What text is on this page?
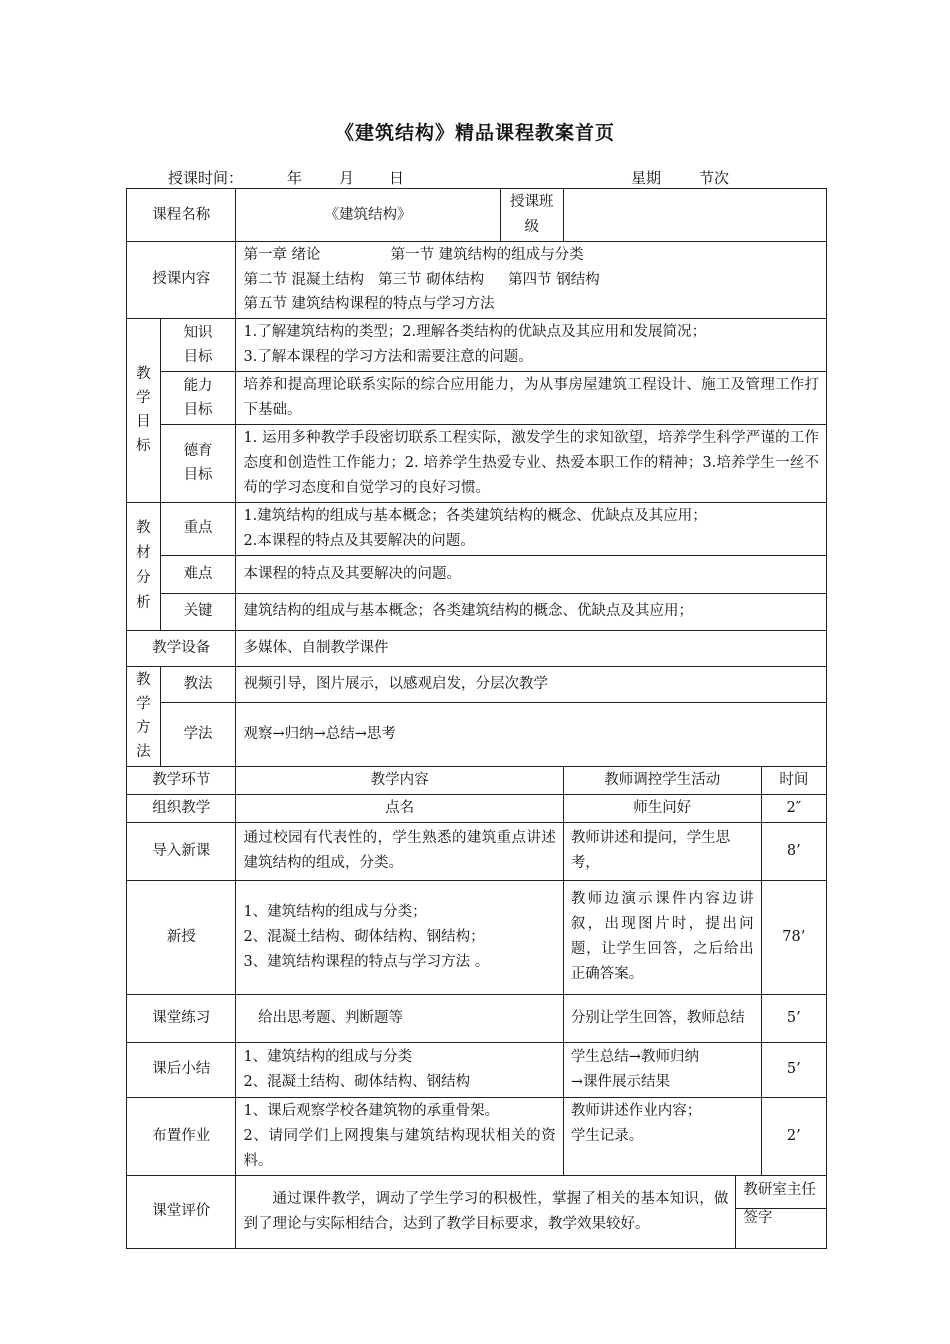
《建筑结构》精品课程教案首页
授课时间：	年 月 日	星期	节次
课程名称		《建筑结构》	授课班级			
授课内容		第一章 绪论 第一节 建筑结构的组成与分类
第二节 混凝土结构 第三节 砌体结构 第四节 钢结构
第五节 建筑结构课程的特点与学习方法				

教学目标	知识目标	1.了解建筑结构的类型；2.理解各类结构的优缺点及其应用和发展简况；
3.了解本课程的学习方法和需要注意的问题。				

	能力目标	培养和提高理论联系实际的综合应用能力，为从事房屋建筑工程设计、施工及管理工作打下基础。				

	德育目标	1. 运用多种教学手段密切联系工程实际，激发学生的求知欲望，培养学生科学严谨的工作态度和创造性工作能力；2. 培养学生热爱专业、热爱本职工作的精神；3.培养学生一丝不苟的学习态度和自觉学习的良好习惯。				

教材分析	重点	1.建筑结构的组成与基本概念；各类建筑结构的概念、优缺点及其应用；
2.本课程的特点及其要解决的问题。				
	难点	本课程的特点及其要解决的问题。				
	关键	建筑结构的组成与基本概念；各类建筑结构的概念、优缺点及其应用；				
教学设备		多媒体、自制教学课件				

教学方法	教法	视频引导，图片展示，以感观启发，分层次教学				
	学法	观察→归纳→总结→思考				
教学环节		教学内容		教师调控学生活动		时间
组织教学		点名		师生问好		2″
导入新课		通过校园有代表性的，学生熟悉的建筑重点讲述建筑结构的组成，分类。		教师讲述和提问，学生思考，		8’
新授		1、建筑结构的组成与分类；
2、混凝土结构、砌体结构、钢结构；
3、建筑结构课程的特点与学习方法 。		教师边演示课件内容边讲叙，出现图片时，提出问题，让学生回答，之后给出正确答案。		78’
课堂练习		给出思考题、判断题等		分别让学生回答，教师总结		5’
课后小结		1、建筑结构的组成与分类
2、混凝土结构、砌体结构、钢结构		学生总结→教师归纳
→课件展示结果		5’
布置作业		1、课后观察学校各建筑物的承重骨架。
2、请同学们上网搜集与建筑结构现状相关的资料。		教师讲述作业内容；
学生记录。		2’
课堂评价		通过课件教学，调动了学生学习的积极性，掌握了相关的基本知识，做到了理论与实际相结合，达到了教学目标要求，教学效果较好。			教研室主任签字	
